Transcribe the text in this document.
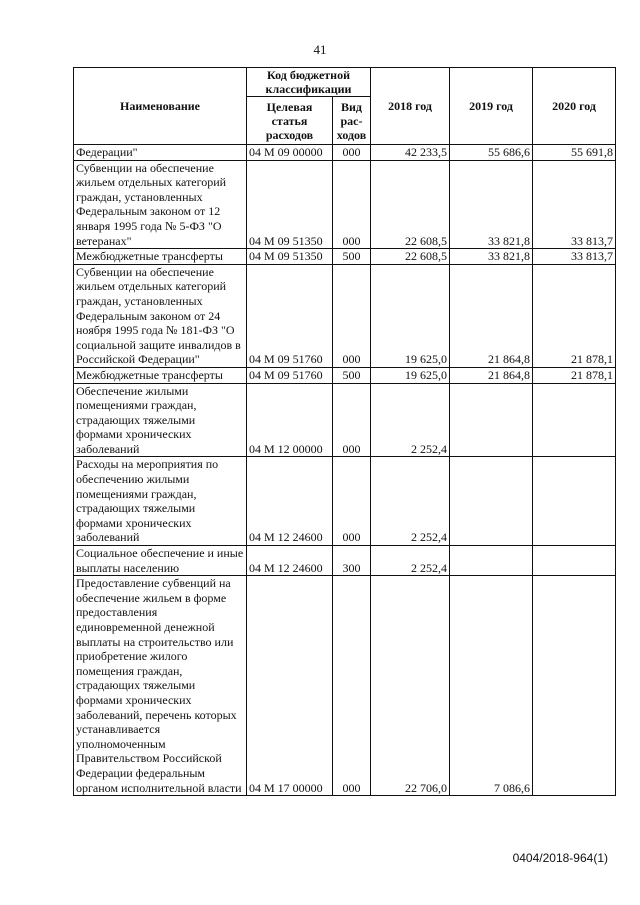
41
Наименование	Код бюджетной классификации		2018 год	2019 год	2020 год
	Целевая статья расходов	Вид рас-ходов			
Федерации"	04 М 09 00000	000	42 233,5	55 686,6	55 691,8
Субвенции на обеспечение жильем отдельных категорий граждан, установленных Федеральным законом от 12 января 1995 года № 5-ФЗ "О ветеранах"	04 М 09 51350	000	22 608,5	33 821,8	33 813,7
Межбюджетные трансферты	04 М 09 51350	500	22 608,5	33 821,8	33 813,7
Субвенции на обеспечение жильем отдельных категорий граждан, установленных Федеральным законом от 24 ноября 1995 года № 181-ФЗ "О социальной защите инвалидов в Российской Федерации"	04 М 09 51760	000	19 625,0	21 864,8	21 878,1
Межбюджетные трансферты	04 М 09 51760	500	19 625,0	21 864,8	21 878,1
Обеспечение жилыми помещениями граждан, страдающих тяжелыми формами хронических заболеваний	04 М 12 00000	000	2 252,4		
Расходы на мероприятия по обеспечению жилыми помещениями граждан, страдающих тяжелыми формами хронических заболеваний	04 М 12 24600	000	2 252,4		
Социальное обеспечение и иные выплаты населению	04 М 12 24600	300	2 252,4		
Предоставление субвенций на обеспечение жильем в форме предоставления единовременной денежной выплаты на строительство или приобретение жилого помещения граждан, страдающих тяжелыми формами хронических заболеваний, перечень которых устанавливается уполномоченным Правительством Российской Федерации федеральным органом исполнительной власти	04 М 17 00000	000	22 706,0	7 086,6	
0404/2018-964(1)
